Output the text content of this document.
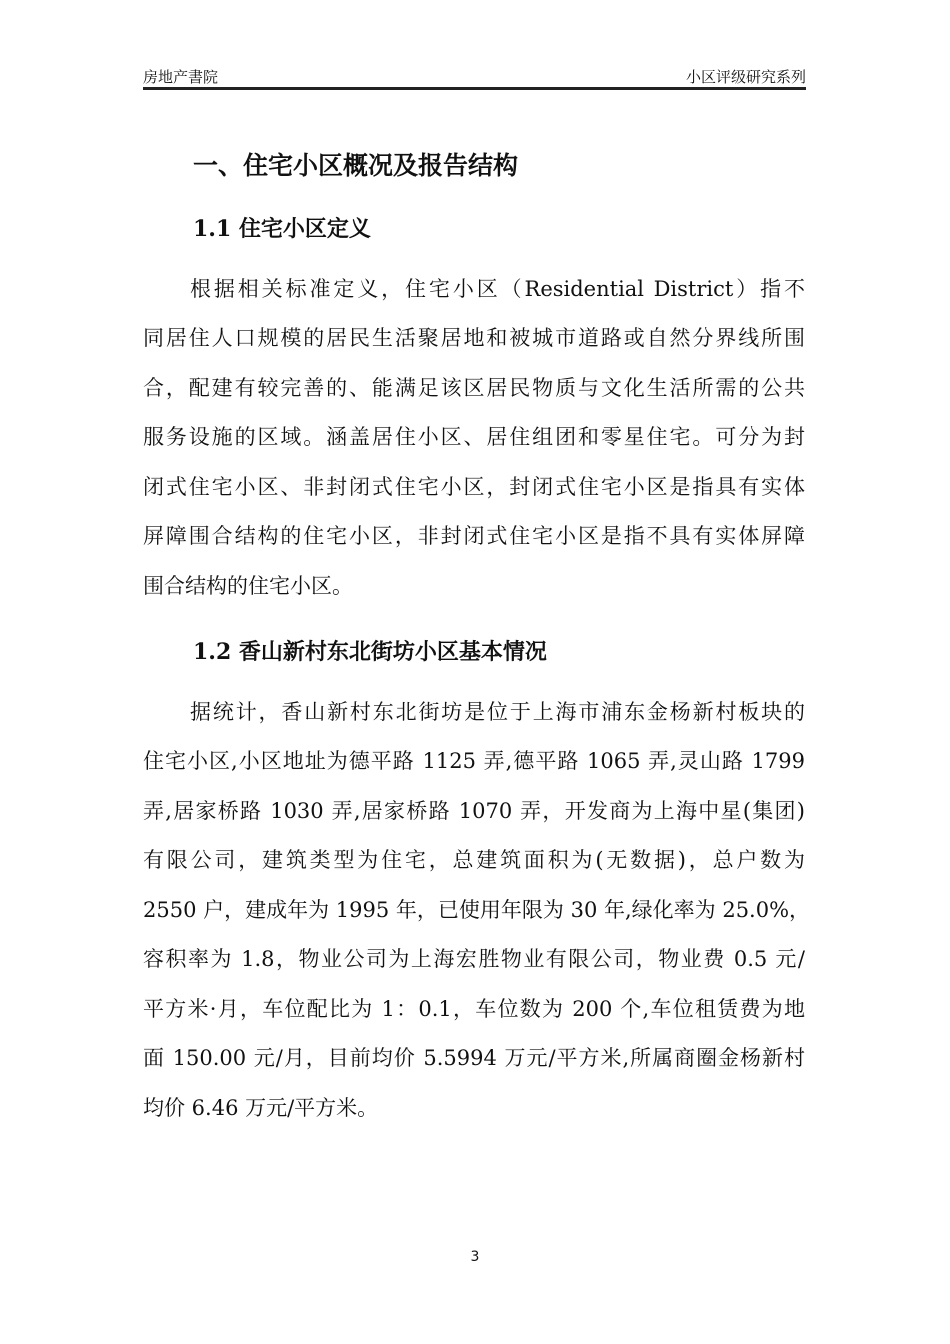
房地产書院	小区评级研究系列
一、住宅小区概况及报告结构
1.1 住宅小区定义
根据相关标准定义，住宅小区（Residential District）指不
同居住人口规模的居民生活聚居地和被城市道路或自然分界线所围
合，配建有较完善的、能满足该区居民物质与文化生活所需的公共
服务设施的区域。涵盖居住小区、居住组团和零星住宅。可分为封
闭式住宅小区、非封闭式住宅小区，封闭式住宅小区是指具有实体
屏障围合结构的住宅小区，非封闭式住宅小区是指不具有实体屏障
围合结构的住宅小区。
1.2 香山新村东北街坊小区基本情况
据统计，香山新村东北街坊是位于上海市浦东金杨新村板块的
住宅小区,小区地址为德平路 1125 弄,德平路 1065 弄,灵山路 1799
弄,居家桥路 1030 弄,居家桥路 1070 弄，开发商为上海中星(集团)
有限公司，建筑类型为住宅，总建筑面积为(无数据)，总户数为
2550 户，建成年为 1995 年，已使用年限为 30 年,绿化率为 25.0%，
容积率为 1.8，物业公司为上海宏胜物业有限公司，物业费 0.5 元/
平方米·月，车位配比为 1：0.1，车位数为 200 个,车位租赁费为地
面 150.00 元/月，目前均价 5.5994 万元/平方米,所属商圈金杨新村
均价 6.46 万元/平方米。
3
